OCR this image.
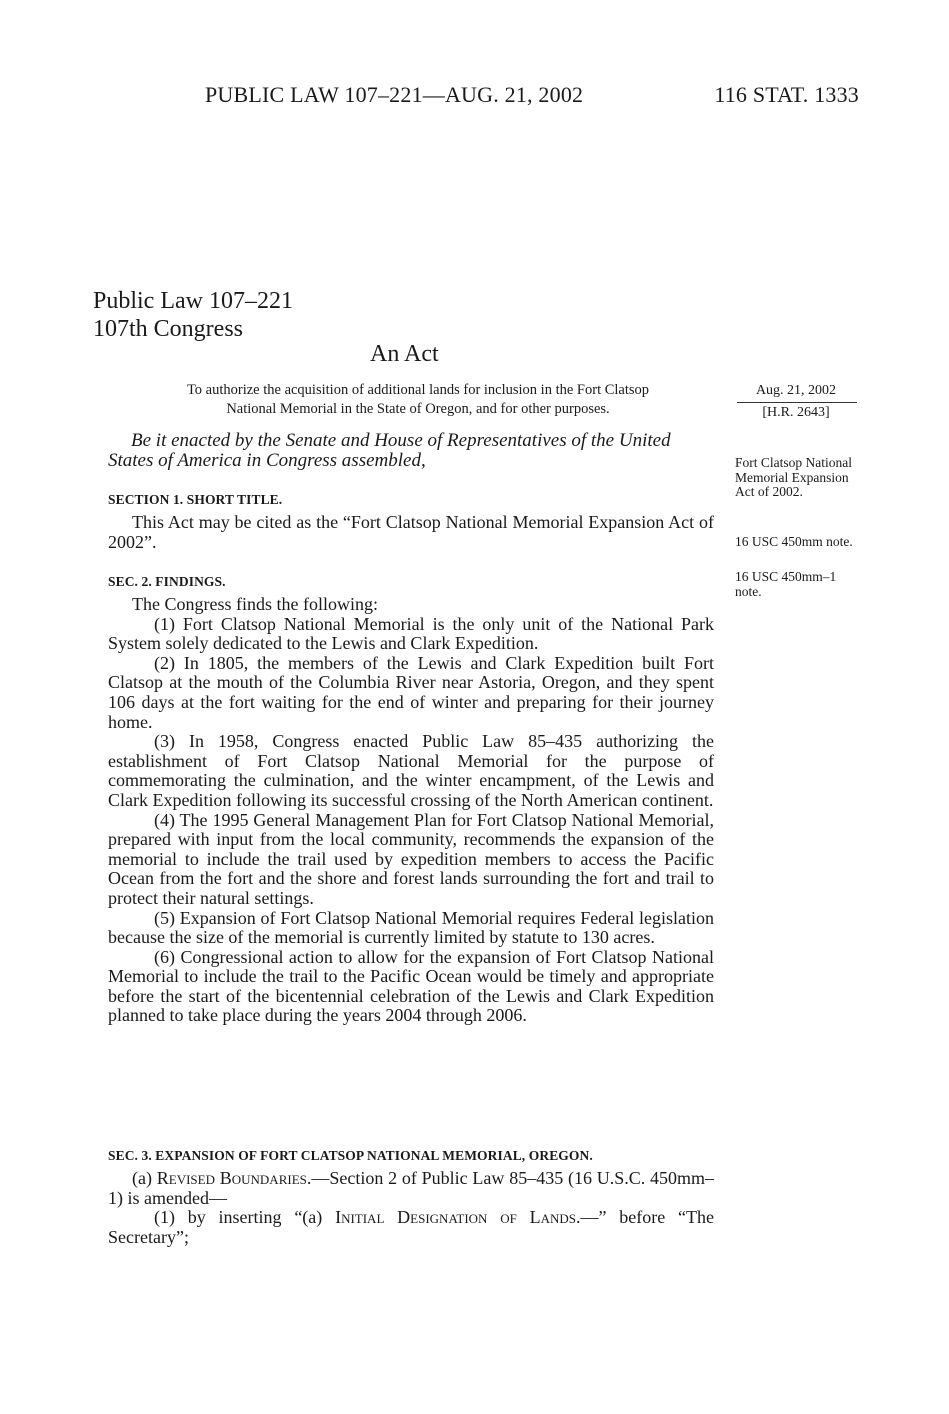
PUBLIC LAW 107–221—AUG. 21, 2002	116 STAT. 1333
Public Law 107–221
107th Congress
An Act
To authorize the acquisition of additional lands for inclusion in the Fort Clatsop
National Memorial in the State of Oregon, and for other purposes.
Aug. 21, 2002
[H.R. 2643]
Be it enacted by the Senate and House of Representatives of the United States of America in Congress assembled,
SECTION 1. SHORT TITLE.

This Act may be cited as the “Fort Clatsop National Memorial Expansion Act of 2002”.

SEC. 2. FINDINGS.

The Congress finds the following:

(1) Fort Clatsop National Memorial is the only unit of the National Park System solely dedicated to the Lewis and Clark Expedition.

(2) In 1805, the members of the Lewis and Clark Expedition built Fort Clatsop at the mouth of the Columbia River near Astoria, Oregon, and they spent 106 days at the fort waiting for the end of winter and preparing for their journey home.

(3) In 1958, Congress enacted Public Law 85–435 authorizing the establishment of Fort Clatsop National Memorial for the purpose of commemorating the culmination, and the winter encampment, of the Lewis and Clark Expedition following its successful crossing of the North American continent.

(4) The 1995 General Management Plan for Fort Clatsop National Memorial, prepared with input from the local community, recommends the expansion of the memorial to include the trail used by expedition members to access the Pacific Ocean from the fort and the shore and forest lands surrounding the fort and trail to protect their natural settings.

(5) Expansion of Fort Clatsop National Memorial requires Federal legislation because the size of the memorial is currently limited by statute to 130 acres.

(6) Congressional action to allow for the expansion of Fort Clatsop National Memorial to include the trail to the Pacific Ocean would be timely and appropriate before the start of the bicentennial celebration of the Lewis and Clark Expedition planned to take place during the years 2004 through 2006.

SEC. 3. EXPANSION OF FORT CLATSOP NATIONAL MEMORIAL, OREGON.

(a) Revised Boundaries.—Section 2 of Public Law 85–435 (16 U.S.C. 450mm–1) is amended—

(1) by inserting “(a) Initial Designation of Lands.—” before “The Secretary”;

Fort Clatsop National Memorial Expansion Act of 2002.
16 USC 450mm note.
16 USC 450mm–1 note.
